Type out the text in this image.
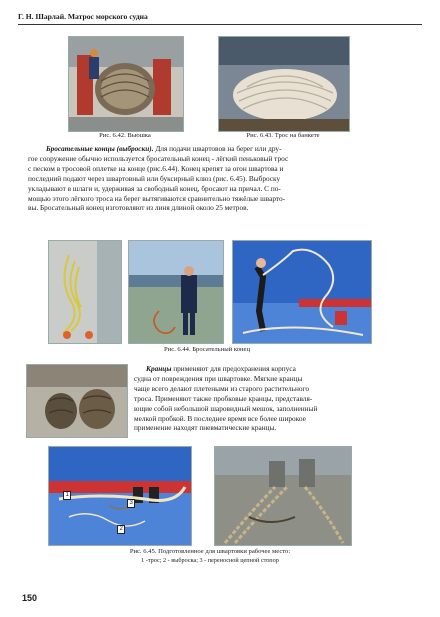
Г. Н. Шарлай. Матрос морского судна
Рис. 6.42. Вьюшка	Рис. 6.43. Трос на банкете
Бросательные концы (выброски). Для подачи швартовов на берег или дру-
гое сооружение обычно используется бросательный конец - лёгкий пеньковый трос
с песком в тросовой оплетке на конце (рис.6.44). Конец крепят за огон швартова и
последний подают через швартовный или буксирный клюз (рис. 6.45). Выброску
укладывают в шлаги и, удерживая за свободный конец, бросают на причал. С по-
мощью этого лёгкого троса на берег вытягиваются сравнительно тяжёлые шварто-
вы. Бросательный конец изготовляют из линя длиной около 25 метров.
Рис. 6.44. Бросательный конец
Кранцы применяют для предохранения корпуса
судна от повреждения при швартовке. Мягкие кранцы
чаще всего делают плетеными из старого растительного
троса. Применяют также пробковые кранцы, представля-
ющие собой небольшой шаровидный мешок, заполненный
мелкой пробкой. В последнее время все более широкое
применение находят пневматические кранцы.
1
2
3
Рис. 6.45. Подготовленное для швартовки рабочее место:
1 -трос; 2 - выброска; 3 - переносной цепной стопор
150
